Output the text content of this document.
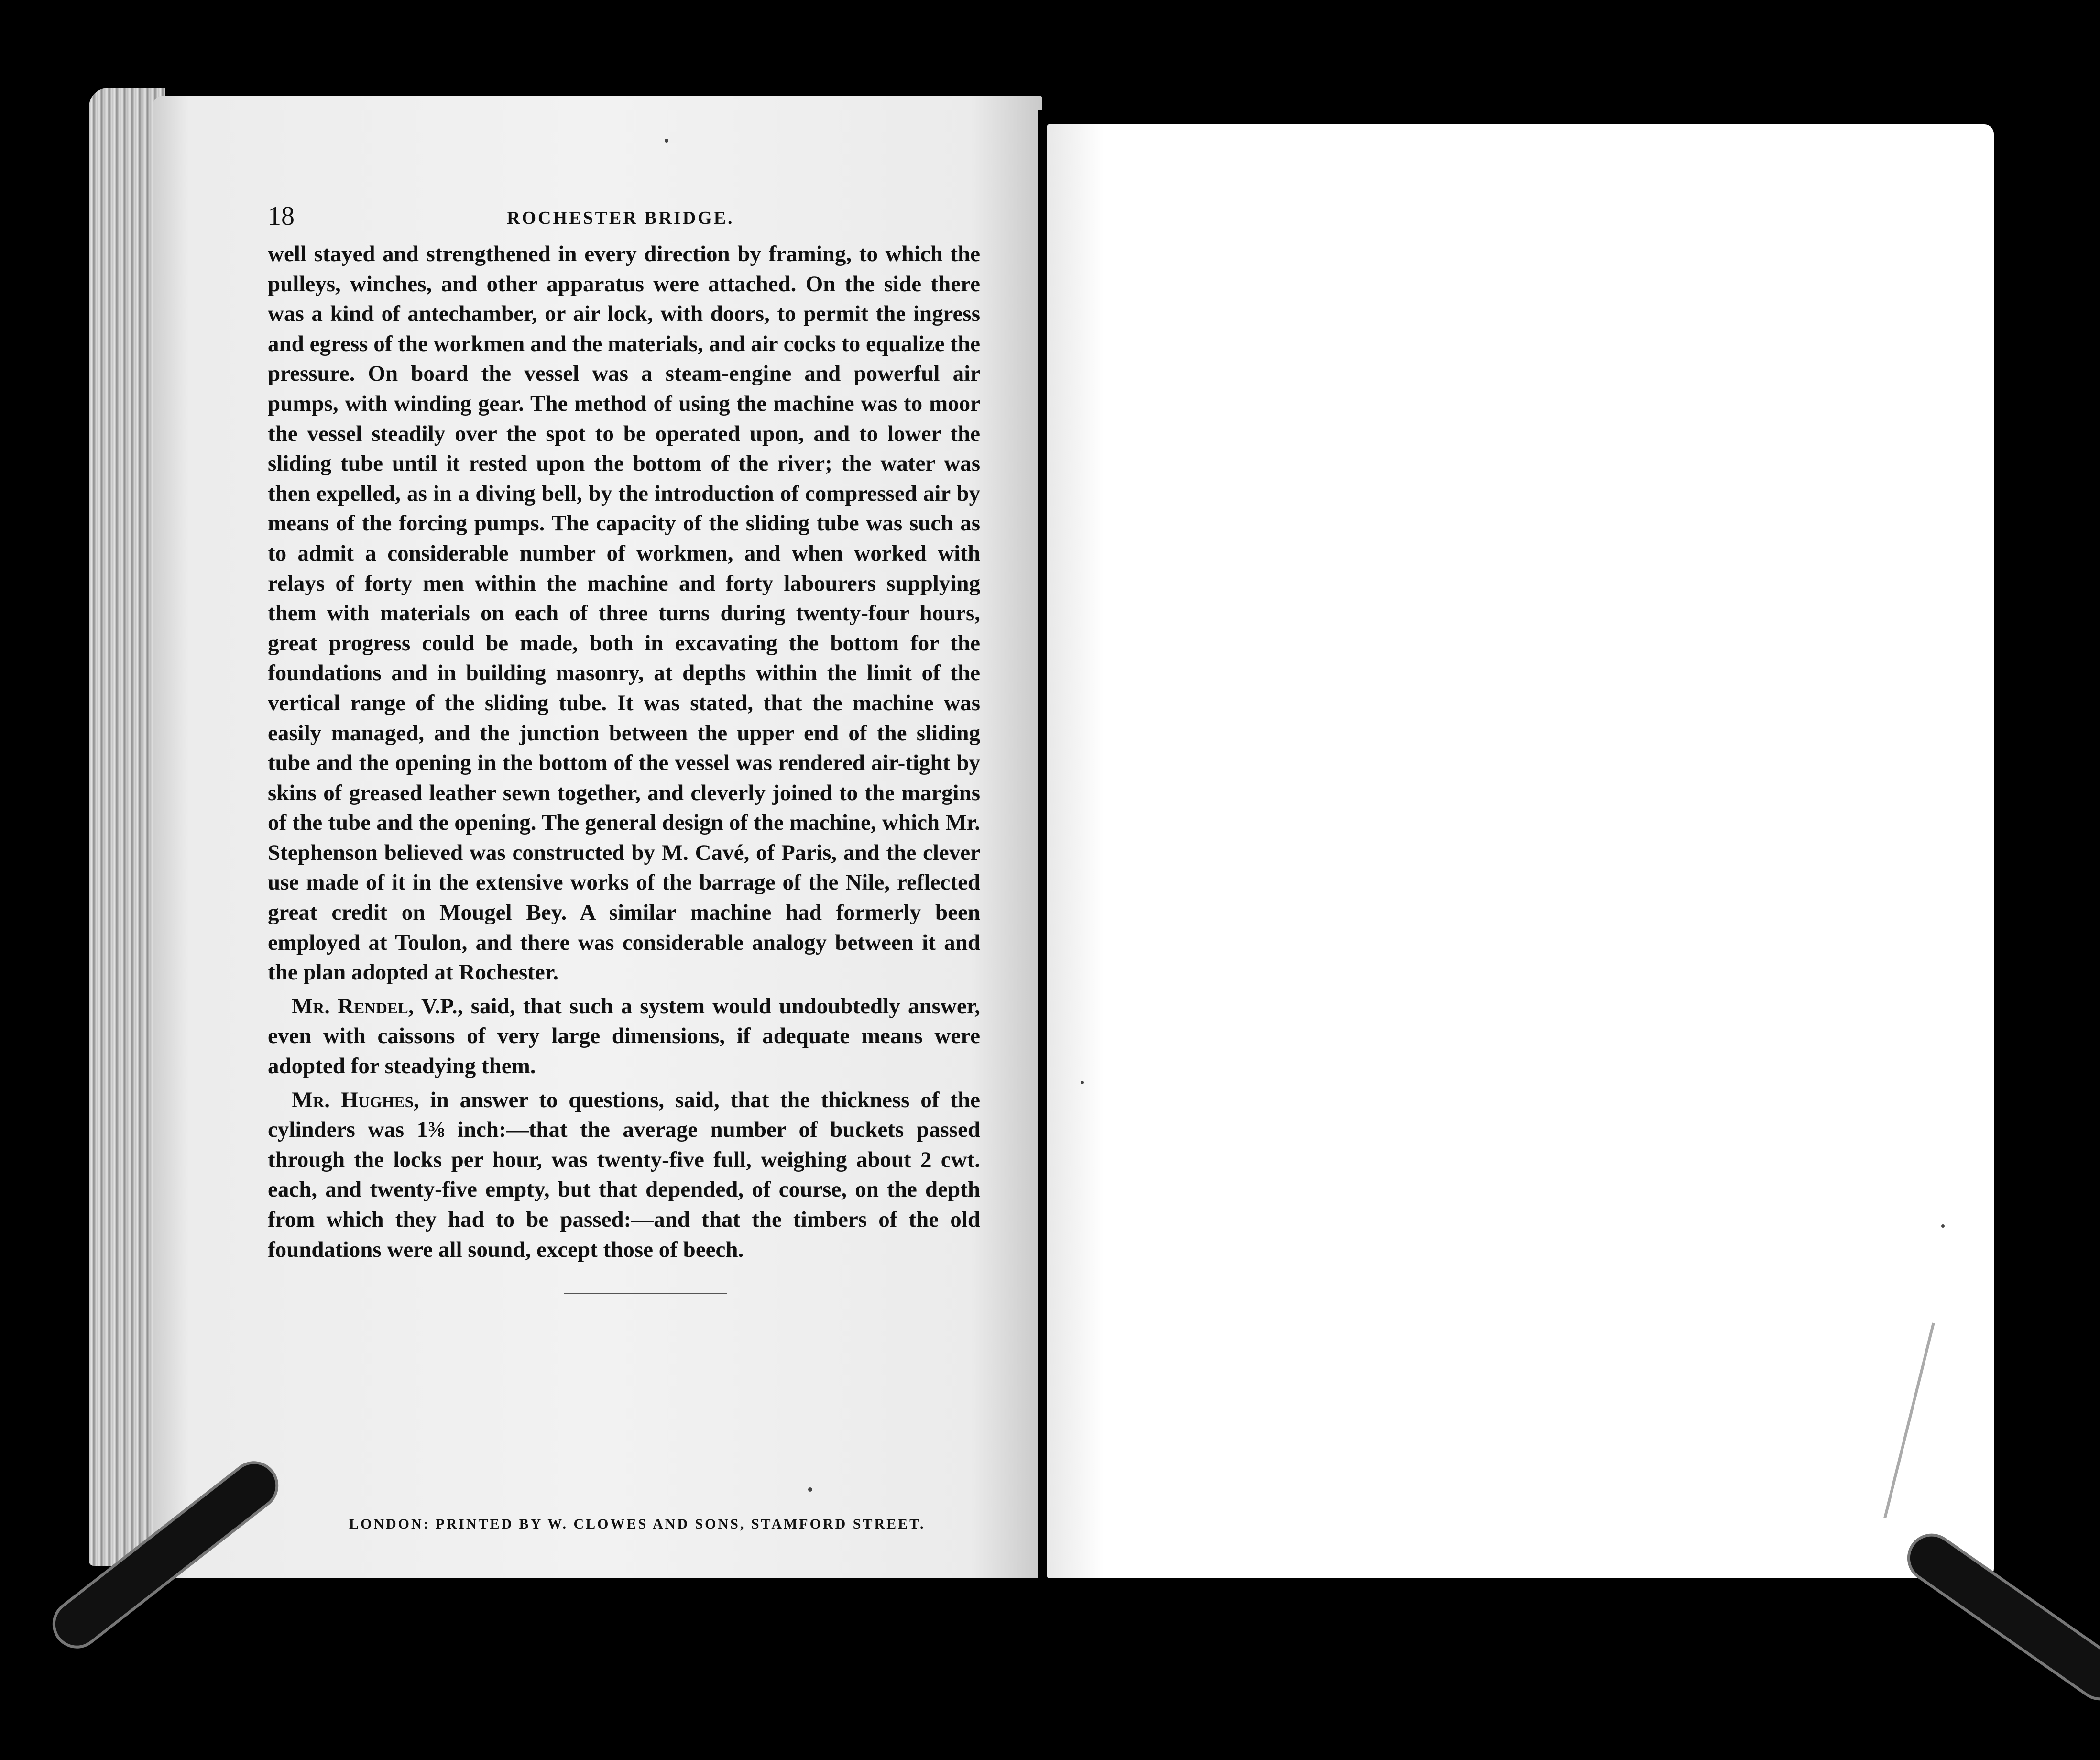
18	ROCHESTER BRIDGE.

well stayed and strengthened in every direction by framing, to which the pulleys, winches, and other apparatus were attached. On the side there was a kind of antechamber, or air lock, with doors, to permit the ingress and egress of the workmen and the materials, and air cocks to equalize the pressure. On board the vessel was a steam-engine and powerful air pumps, with winding gear. The method of using the machine was to moor the vessel steadily over the spot to be operated upon, and to lower the sliding tube until it rested upon the bottom of the river; the water was then expelled, as in a diving bell, by the introduction of compressed air by means of the forcing pumps. The capacity of the sliding tube was such as to admit a considerable number of workmen, and when worked with relays of forty men within the machine and forty labourers supplying them with materials on each of three turns during twenty-four hours, great progress could be made, both in excavating the bottom for the foundations and in building masonry, at depths within the limit of the vertical range of the sliding tube. It was stated, that the machine was easily managed, and the junction between the upper end of the sliding tube and the opening in the bottom of the vessel was rendered air-tight by skins of greased leather sewn together, and cleverly joined to the margins of the tube and the opening. The general design of the machine, which Mr. Stephenson believed was constructed by M. Cavé, of Paris, and the clever use made of it in the extensive works of the barrage of the Nile, reflected great credit on Mougel Bey. A similar machine had formerly been employed at Toulon, and there was considerable analogy between it and the plan adopted at Rochester.

Mr. Rendel, V.P., said, that such a system would undoubtedly answer, even with caissons of very large dimensions, if adequate means were adopted for steadying them.

Mr. Hughes, in answer to questions, said, that the thickness of the cylinders was 1⅜ inch:—that the average number of buckets passed through the locks per hour, was twenty-five full, weighing about 2 cwt. each, and twenty-five empty, but that depended, of course, on the depth from which they had to be passed:—and that the timbers of the old foundations were all sound, except those of beech.

LONDON: PRINTED BY W. CLOWES AND SONS, STAMFORD STREET.
